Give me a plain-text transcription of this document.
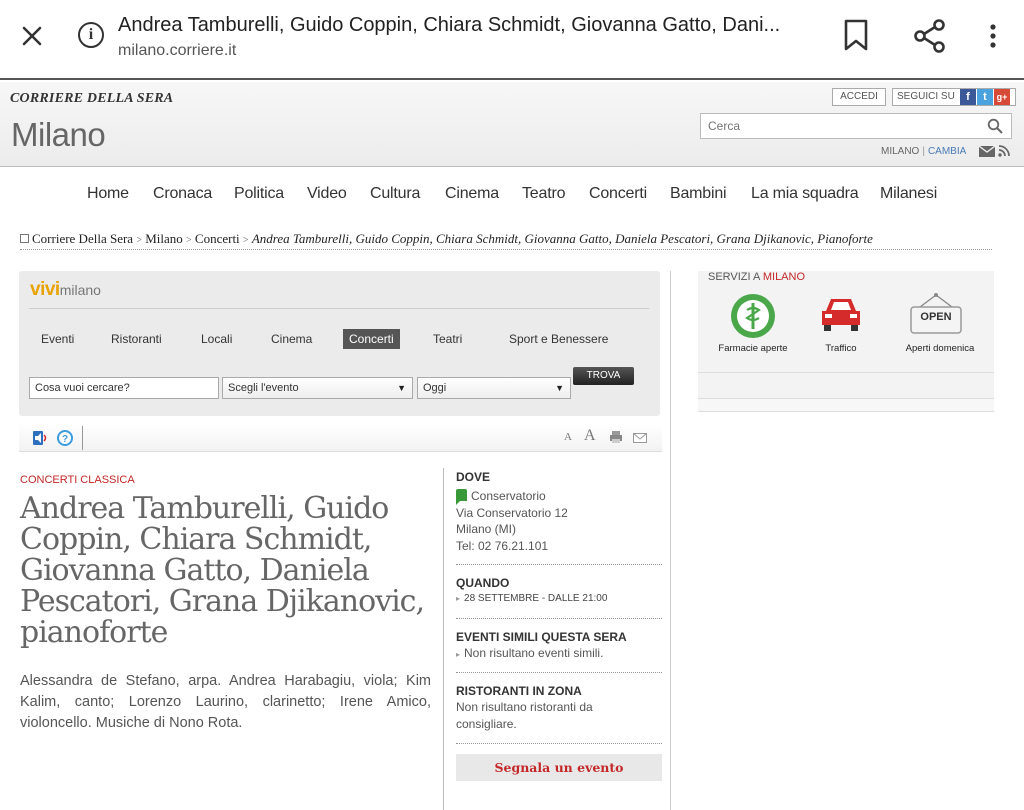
i	Andrea Tamburelli, Guido Coppin, Chiara Schmidt, Giovanna Gatto, Dani...
milano.corriere.it
CORRIERE DELLA SERA
Milano
ACCEDI	SEGUICI SU	f	t	g+
Cerca
MILANO | CAMBIA
Home Cronaca Politica Video Cultura Cinema Teatro Concerti Bambini La mia squadra Milanesi
Corriere Della Sera > Milano > Concerti > Andrea Tamburelli, Guido Coppin, Chiara Schmidt, Giovanna Gatto, Daniela Pescatori, Grana Djikanovic, Pianoforte
vivimilano
Eventi	Ristoranti	Locali	Cinema	Concerti	Teatri	Sport e Benessere
Cosa vuoi cercare?	Scegli l'evento	▼	Oggi	▼
TROVA
?	A A
CONCERTI CLASSICA
Andrea Tamburelli, Guido Coppin, Chiara Schmidt, Giovanna Gatto, Daniela Pescatori, Grana Djikanovic, pianoforte

Alessandra de Stefano, arpa. Andrea Harabagiu, viola; Kim Kalim, canto; Lorenzo Laurino, clarinetto; Irene Amico, violoncello. Musiche di Nono Rota.

DOVE
Conservatorio
Via Conservatorio 12
Milano (MI)
Tel: 02 76.21.101
QUANDO
▸ 28 SETTEMBRE - DALLE 21:00
EVENTI SIMILI QUESTA SERA
▸ Non risultano eventi simili.
RISTORANTI IN ZONA
Non risultano ristoranti da consigliare.
Segnala un evento
SERVIZI A MILANO
Farmacie aperte	Traffico
OPEN
Aperti domenica
